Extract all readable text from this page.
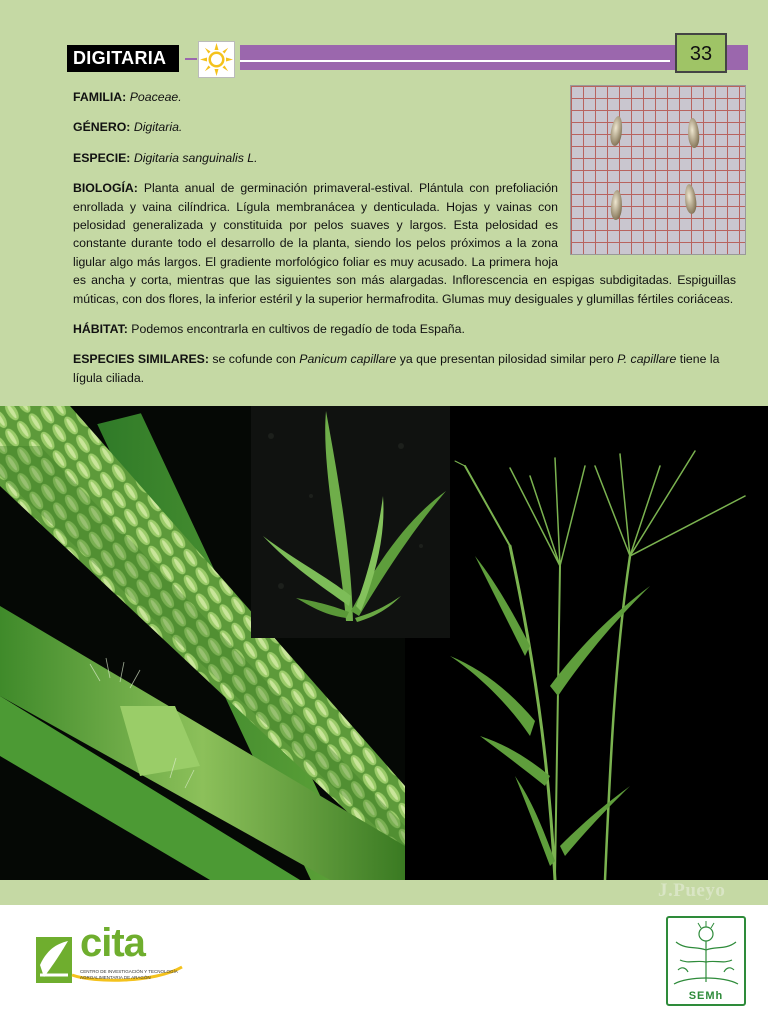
DIGITARIA	33

FAMILIA: Poaceae.

GÉNERO: Digitaria.

ESPECIE: Digitaria sanguinalis L.

BIOLOGÍA: Planta anual de germinación primaveral-estival. Plántula con prefoliación enrollada y vaina cilíndrica. Lígula membranácea y denticulada. Hojas y vainas con pelosidad generalizada y constituida por pelos suaves y largos. Esta pelosidad es constante durante todo el desarrollo de la planta, siendo los pelos próximos a la zona ligular algo más largos. El gradiente morfológico foliar es muy acusado. La primera hoja es ancha y corta, mientras que las siguientes son más alargadas. Inflorescencia en espigas subdigitadas. Espiguillas múticas, con dos flores, la inferior estéril y la superior hermafrodita. Glumas muy desiguales y glumillas fértiles coriáceas.

HÁBITAT: Podemos encontrarla en cultivos de regadío de toda España.

ESPECIES SIMILARES: se cofunde con Panicum capillare ya que presentan pilosidad similar pero P. capillare tiene la lígula ciliada.

J.Pueyo
cita
CENTRO DE INVESTIGACIÓN Y TECNOLOGÍA
AGROALIMENTARIA DE ARAGÓN
SEMh
